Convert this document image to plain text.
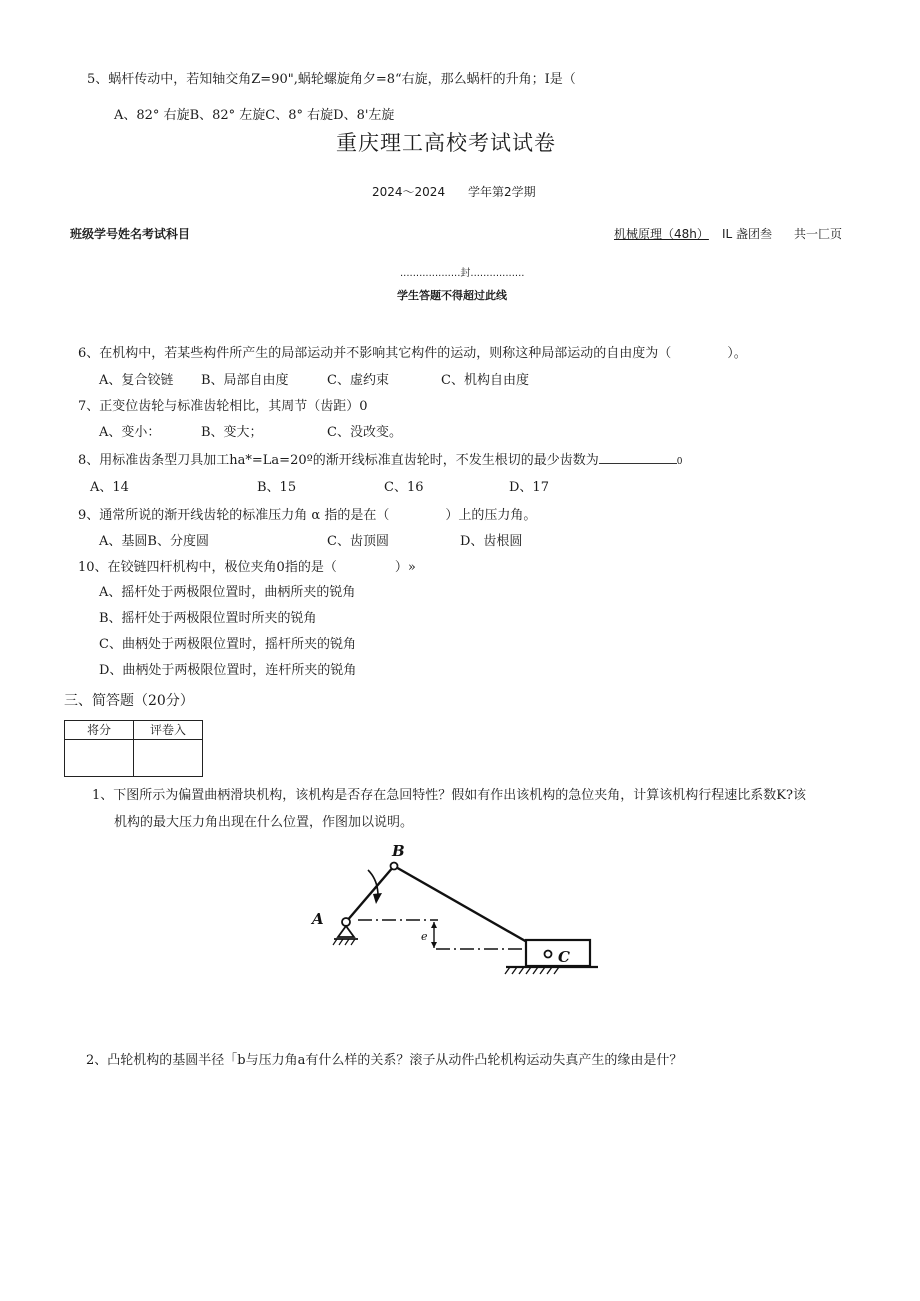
5、蜗杆传动中，若知轴交角Z=90",蜗轮螺旋角夕=8“右旋，那么蜗杆的升角；I是（
A、82° 右旋B、82° 左旋C、8° 右旋D、8'左旋
重庆理工高校考试试卷
2024～2024 学年第2学期
班级学号姓名考试科目	机械原理（48h） IL 盏团叁 共一匚页
...................封.................
学生答题不得超过此线
6、在机构中，若某些构件所产生的局部运动并不影响其它构件的运动，则称这种局部运动的自由度为（	）。
A、复合铰链 B、局部自由度	C、虚约束	C、机构自由度
7、正变位齿轮与标准齿轮相比，其周节（齿距）0
A、变小：	B、变大；	C、没改变。
8、用标准齿条型刀具加工ha*=La=20º的渐开线标准直齿轮时，不发生根切的最少齿数为	0
A、14	B、15	C、16	D、17
9、通常所说的渐开线齿轮的标准压力角 α 指的是在（	）上的压力角。
A、基圆B、分度圆	C、齿顶圆	D、齿根圆
10、在铰链四杆机构中，极位夹角0指的是（	）»
A、摇杆处于两极限位置时，曲柄所夹的锐角
B、摇杆处于两极限位置时所夹的锐角
C、曲柄处于两极限位置时，摇杆所夹的锐角
D、曲柄处于两极限位置时，连杆所夹的锐角
三、简答题（20分）
将分	评卷入

1、下图所示为偏置曲柄滑块机构，该机构是否存在急回特性？假如有作出该机构的急位夹角，计算该机构行程速比系数K?该
机构的最大压力角出现在什么位置，作图加以说明。
e
A
B
C
2、凸轮机构的基圆半径「b与压力角a有什么样的关系？滚子从动件凸轮机构运动失真产生的缘由是什？
